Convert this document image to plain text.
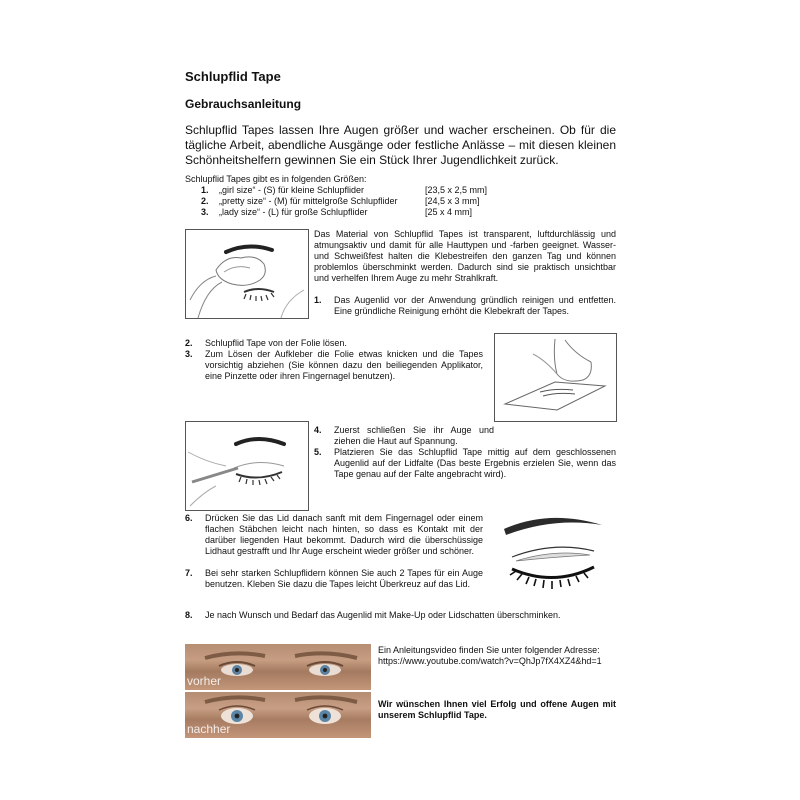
Schlupflid Tape
Gebrauchsanleitung
Schlupflid Tapes lassen Ihre Augen größer und wacher erscheinen. Ob für die tägliche Arbeit, abendliche Ausgänge oder festliche Anlässe – mit diesen kleinen Schönheitshelfern gewinnen Sie ein Stück Ihrer Jugendlichkeit zurück.
Schlupflid Tapes gibt es in folgenden Größen:
1. „girl size“ - (S) für kleine Schlupflider	[23,5 x 2,5 mm]
2. „pretty size“ - (M) für mittelgroße Schlupflider	[24,5 x 3 mm]
3. „lady size“ - (L) für große Schlupflider	[25 x 4 mm]
Das Material von Schlupflid Tapes ist transparent, luftdurchlässig und atmungsaktiv und damit für alle Hauttypen und -farben geeignet. Wasser- und Schweißfest halten die Klebestreifen den ganzen Tag und können problemlos überschminkt werden. Dadurch sind sie praktisch unsichtbar und verhelfen Ihrem Auge zu mehr Strahlkraft.
1. Das Augenlid vor der Anwendung gründlich reinigen und entfetten. Eine gründliche Reinigung erhöht die Klebekraft der Tapes.
2. Schlupflid Tape von der Folie lösen.
3. Zum Lösen der Aufkleber die Folie etwas knicken und die Tapes vorsichtig abziehen (Sie können dazu den beiliegenden Applikator, eine Pinzette oder ihren Fingernagel benutzen).
4. Zuerst schließen Sie ihr Auge und ziehen die Haut auf Spannung.
5. Platzieren Sie das Schlupflid Tape mittig auf dem geschlossenen Augenlid auf der Lidfalte (Das beste Ergebnis erzielen Sie, wenn das Tape genau auf der Falte angebracht wird).
6. Drücken Sie das Lid danach sanft mit dem Fingernagel oder einem flachen Stäbchen leicht nach hinten, so dass es Kontakt mit der darüber liegenden Haut bekommt. Dadurch wird die überschüssige Lidhaut gestrafft und Ihr Auge erscheint wieder größer und schöner.
7. Bei sehr starken Schlupflidern können Sie auch 2 Tapes für ein Auge benutzen. Kleben Sie dazu die Tapes leicht Überkreuz auf das Lid.
8. Je nach Wunsch und Bedarf das Augenlid mit Make-Up oder Lidschatten überschminken.
vorher
nachher
Ein Anleitungsvideo finden Sie unter folgender Adresse:
https://www.youtube.com/watch?v=QhJp7fX4XZ4&hd=1
Wir wünschen Ihnen viel Erfolg und offene Augen mit unserem Schlupflid Tape.
